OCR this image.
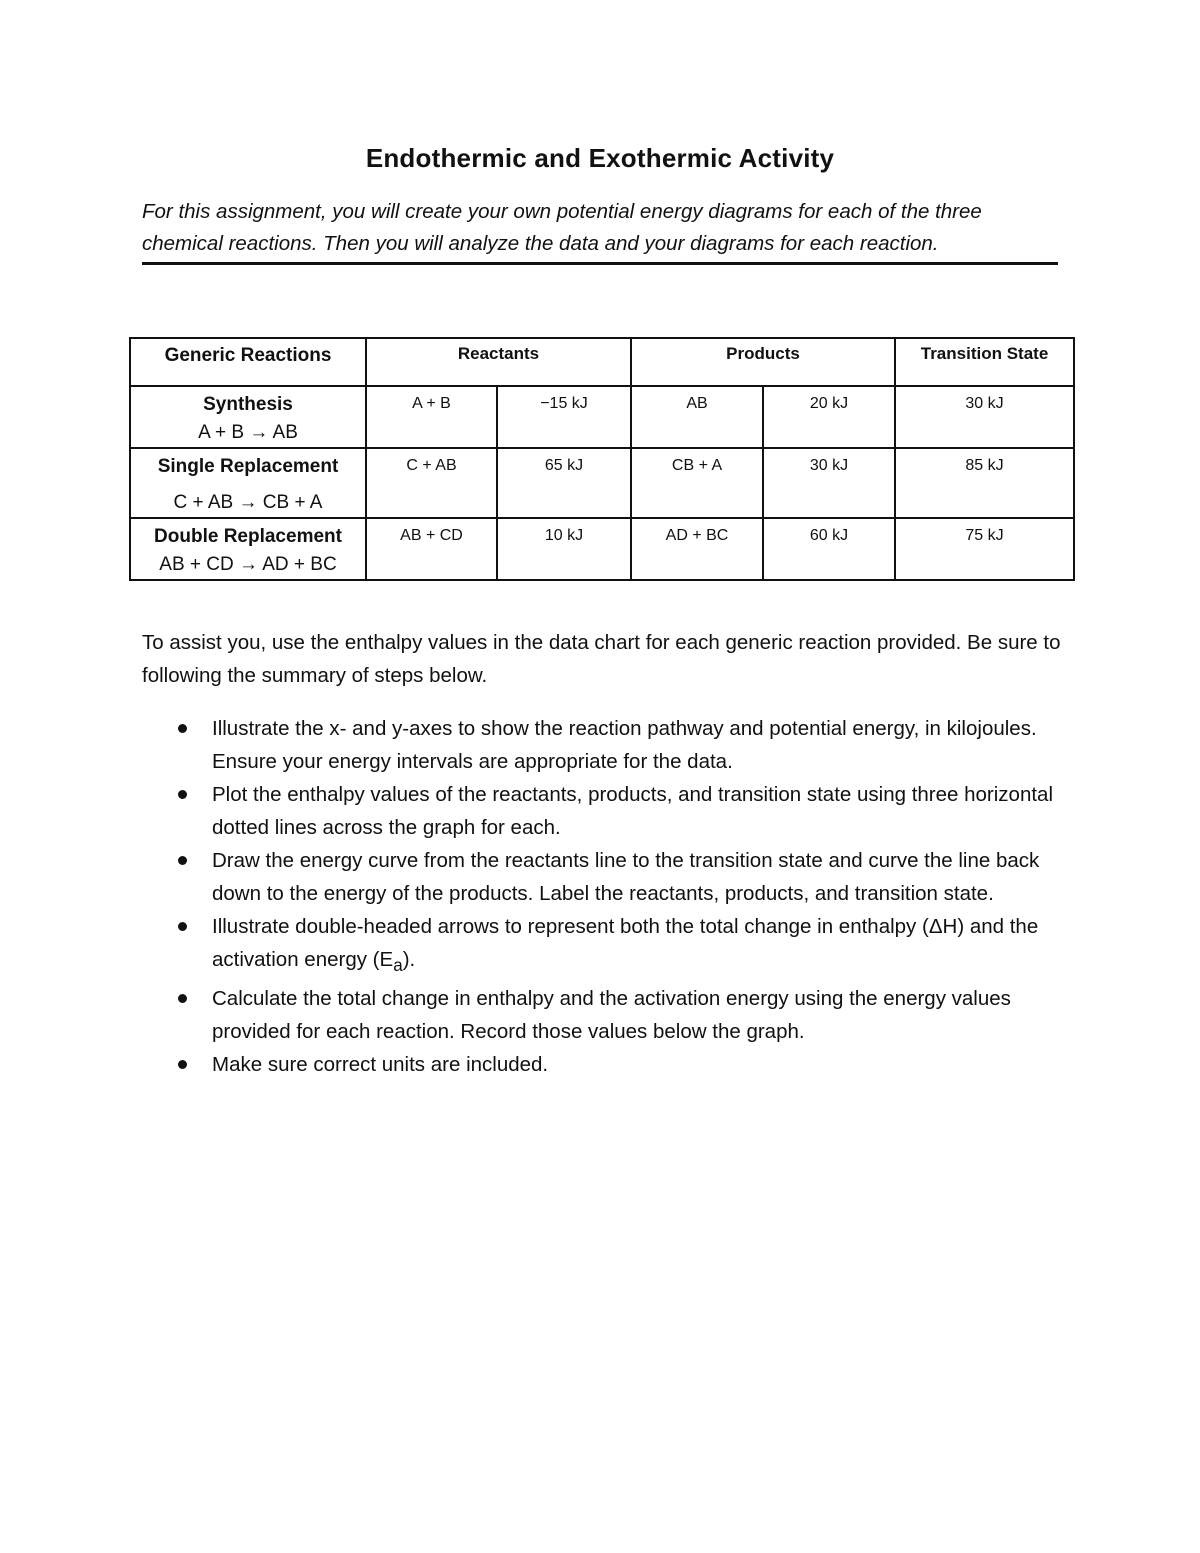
Endothermic and Exothermic Activity
For this assignment, you will create your own potential energy diagrams for each of the three chemical reactions. Then you will analyze the data and your diagrams for each reaction.
Generic Reactions	Reactants		Products		Transition State

Synthesis
A + B → AB	A + B	−15 kJ	AB	20 kJ	30 kJ

Single Replacement
C + AB → CB + A	C + AB	65 kJ	CB + A	30 kJ	85 kJ

Double Replacement
AB + CD → AD + BC	AB + CD	10 kJ	AD + BC	60 kJ	75 kJ
To assist you, use the enthalpy values in the data chart for each generic reaction provided. Be sure to following the summary of steps below.
Illustrate the x- and y-axes to show the reaction pathway and potential energy, in kilojoules. Ensure your energy intervals are appropriate for the data.
Plot the enthalpy values of the reactants, products, and transition state using three horizontal dotted lines across the graph for each.
Draw the energy curve from the reactants line to the transition state and curve the line back down to the energy of the products. Label the reactants, products, and transition state.
Illustrate double-headed arrows to represent both the total change in enthalpy (ΔH) and the activation energy $(E_a)$.
Calculate the total change in enthalpy and the activation energy using the energy values provided for each reaction. Record those values below the graph.
Make sure correct units are included.
